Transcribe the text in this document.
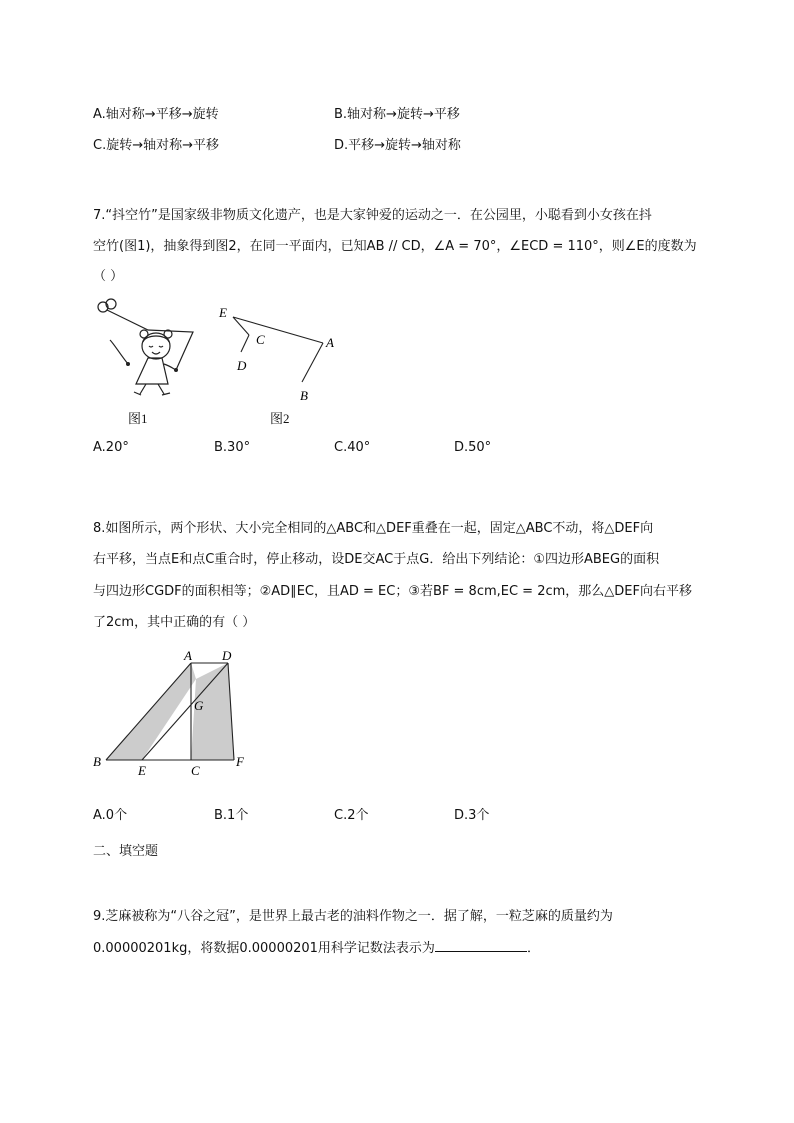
A.轴对称→平移→旋转	B.轴对称→旋转→平移
C.旋转→轴对称→平移	D.平移→旋转→轴对称
7.“抖空竹”是国家级非物质文化遗产，也是大家钟爱的运动之一．在公园里，小聪看到小女孩在抖
空竹(图1)，抽象得到图2，在同一平面内，已知AB // CD，∠A = 70°，∠ECD = 110°，则∠E的度数为
（ ）
图1
E
C
D
A
B
图2
A.20°	B.30°	C.40°	D.50°
8.如图所示，两个形状、大小完全相同的△ABC和△DEF重叠在一起，固定△ABC不动，将△DEF向
右平移，当点E和点C重合时，停止移动，设DE交AC于点G．给出下列结论：①四边形ABEG的面积
与四边形CGDF的面积相等；②AD∥EC，且AD = EC；③若BF = 8cm,EC = 2cm，那么△DEF向右平移
了2cm，其中正确的有（ ）
A D
G
B
E	C
F
A.0个	B.1个	C.2个	D.3个
二、填空题
9.芝麻被称为“八谷之冠”，是世界上最古老的油料作物之一．据了解，一粒芝麻的质量约为
0.00000201kg，将数据0.00000201用科学记数法表示为	．
